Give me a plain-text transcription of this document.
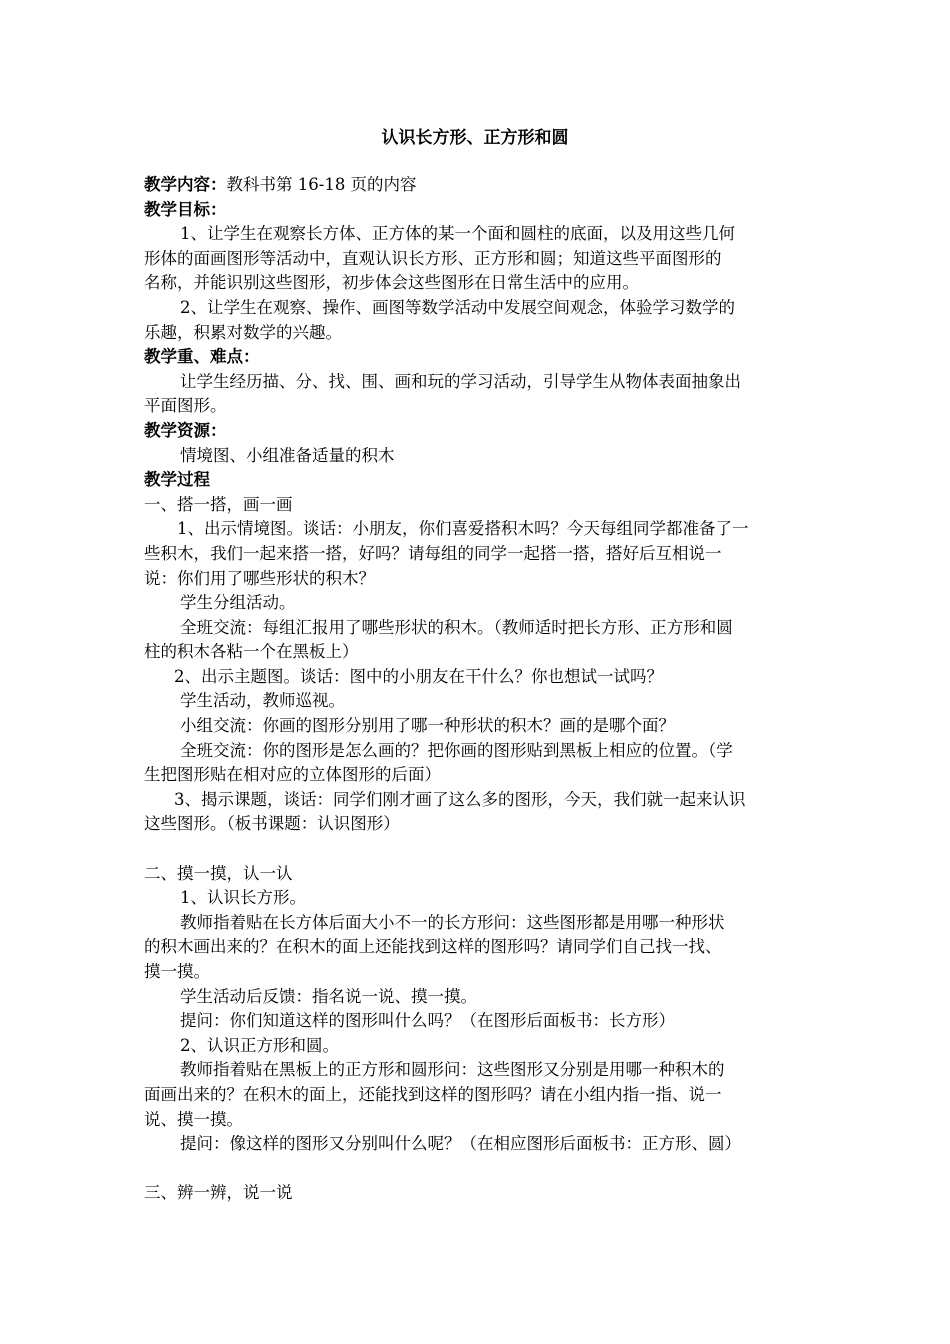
认识长方形、正方形和圆
教学内容：教科书第 16-18 页的内容
教学目标：
1、让学生在观察长方体、正方体的某一个面和圆柱的底面，以及用这些几何
形体的面画图形等活动中，直观认识长方形、正方形和圆；知道这些平面图形的
名称，并能识别这些图形，初步体会这些图形在日常生活中的应用。
2、让学生在观察、操作、画图等数学活动中发展空间观念，体验学习数学的
乐趣，积累对数学的兴趣。
教学重、难点：
让学生经历描、分、找、围、画和玩的学习活动，引导学生从物体表面抽象出
平面图形。
教学资源：
情境图、小组准备适量的积木
教学过程
一、搭一搭，画一画
1、出示情境图。谈话：小朋友，你们喜爱搭积木吗？今天每组同学都准备了一
些积木，我们一起来搭一搭，好吗？请每组的同学一起搭一搭，搭好后互相说一
说：你们用了哪些形状的积木？
学生分组活动。
全班交流：每组汇报用了哪些形状的积木。（教师适时把长方形、正方形和圆
柱的积木各粘一个在黑板上）
2、出示主题图。谈话：图中的小朋友在干什么？你也想试一试吗？
学生活动，教师巡视。
小组交流：你画的图形分别用了哪一种形状的积木？画的是哪个面？
全班交流：你的图形是怎么画的？把你画的图形贴到黑板上相应的位置。（学
生把图形贴在相对应的立体图形的后面）
3、揭示课题，谈话：同学们刚才画了这么多的图形，今天，我们就一起来认识
这些图形。（板书课题：认识图形）
二、摸一摸，认一认
1、认识长方形。
教师指着贴在长方体后面大小不一的长方形问：这些图形都是用哪一种形状
的积木画出来的？在积木的面上还能找到这样的图形吗？请同学们自己找一找、
摸一摸。
学生活动后反馈：指名说一说、摸一摸。
提问：你们知道这样的图形叫什么吗？（在图形后面板书：长方形）
2、认识正方形和圆。
教师指着贴在黑板上的正方形和圆形问：这些图形又分别是用哪一种积木的
面画出来的？在积木的面上，还能找到这样的图形吗？请在小组内指一指、说一
说、摸一摸。
提问：像这样的图形又分别叫什么呢？（在相应图形后面板书：正方形、圆）
三、辨一辨，说一说
